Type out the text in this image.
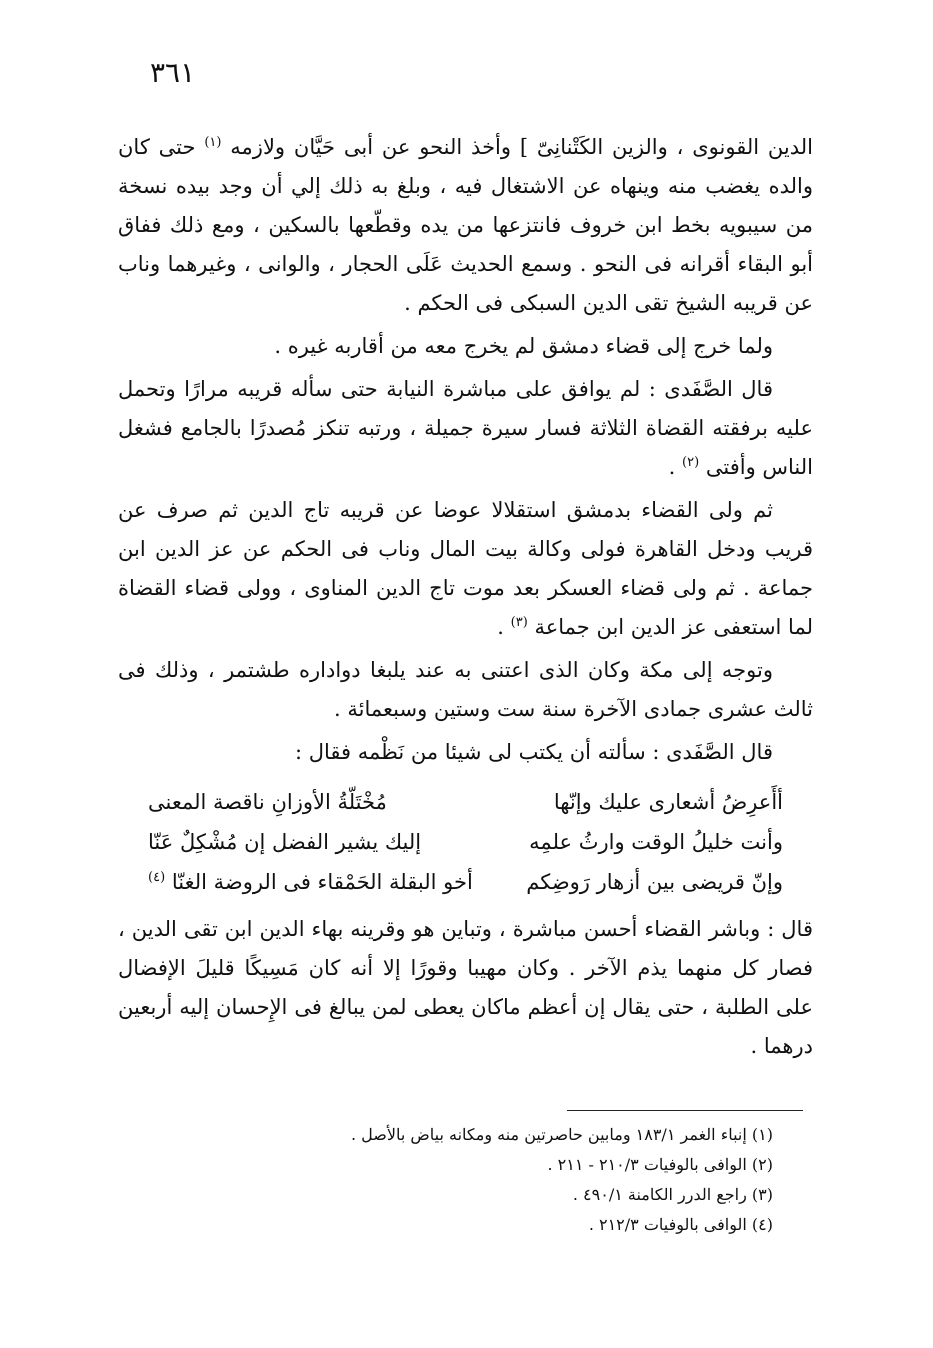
٣٦١

الدين القونوى ، والزين الكَتْنانِىّ ] وأخذ النحو عن أبى حَيَّان ولازمه $^{(١)}$ حتى كان والده يغضب منه وينهاه عن الاشتغال فيه ، وبلغ به ذلك إلي أن وجد بيده نسخة من سيبويه بخط ابن خروف فانتزعها من يده وقطّعها بالسكين ، ومع ذلك ففاق أبو البقاء أقرانه فى النحو . وسمع الحديث عَلَى الحجار ، والوانى ، وغيرهما وناب عن قريبه الشيخ تقى الدين السبكى فى الحكم .

ولما خرج إلى قضاء دمشق لم يخرج معه من أقاربه غيره .

قال الصَّفَدى : لم يوافق على مباشرة النيابة حتى سأله قريبه مرارًا وتحمل عليه برفقته القضاة الثلاثة فسار سيرة جميلة ، ورتبه تنكز مُصدرًا بالجامع فشغل الناس وأفتى $^{(٢)}$ .

ثم ولى القضاء بدمشق استقلالا عوضا عن قريبه تاج الدين ثم صرف عن قريب ودخل القاهرة فولى وكالة بيت المال وناب فى الحكم عن عز الدين ابن جماعة . ثم ولى قضاء العسكر بعد موت تاج الدين المناوى ، وولى قضاء القضاة لما استعفى عز الدين ابن جماعة $^{(٣)}$ .

وتوجه إلى مكة وكان الذى اعتنى به عند يلبغا دواداره طشتمر ، وذلك فى ثالث عشرى جمادى الآخرة سنة ست وستين وسبعمائة .

قال الصَّفَدى : سألته أن يكتب لى شيئا من نَظْمه فقال :

أأَعرِضُ أشعارى عليك وإنّها
مُخْتَلّةُ الأوزانِ ناقصة المعنى
وأنت خليلُ الوقت وارثُ علمِه
إليك يشير الفضل إن مُشْكِلٌ عَنّا
وإنّ قريضى بين أزهار رَوضِكم
أخو البقلة الحَمْقاء فى الروضة الغنّا $^{(٤)}$

قال : وباشر القضاء أحسن مباشرة ، وتباين هو وقرينه بهاء الدين ابن تقى الدين ، فصار كل منهما يذم الآخر . وكان مهيبا وقورًا إلا أنه كان مَسِيكًا قليلَ الإفضال على الطلبة ، حتى يقال إن أعظم ماكان يعطى لمن يبالغ فى الإِحسان إليه أربعين درهما .

(١) إنباء الغمر ١٨٣/١ ومابين حاصرتين منه ومكانه بياض بالأصل .
(٢) الوافى بالوفيات ٢١٠/٣ - ٢١١ .
(٣) راجع الدرر الكامنة ٤٩٠/١ .
(٤) الوافى بالوفيات ٢١٢/٣ .
